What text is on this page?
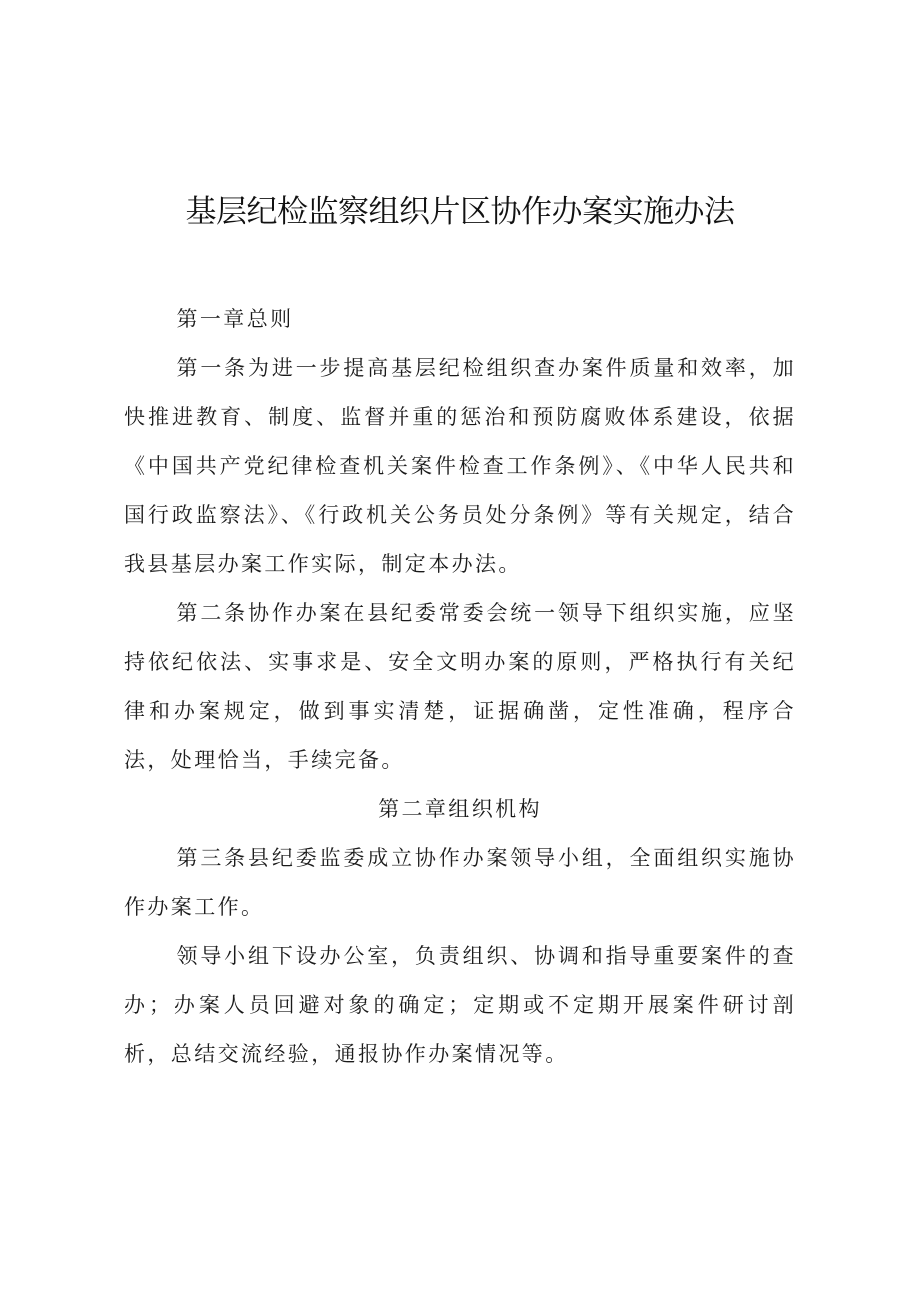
基层纪检监察组织片区协作办案实施办法

第一章总则

第一条为进一步提高基层纪检组织查办案件质量和效率，加快推进教育、制度、监督并重的惩治和预防腐败体系建设，依据《中国共产党纪律检查机关案件检查工作条例》、《中华人民共和国行政监察法》、《行政机关公务员处分条例》等有关规定，结合我县基层办案工作实际，制定本办法。

第二条协作办案在县纪委常委会统一领导下组织实施，应坚持依纪依法、实事求是、安全文明办案的原则，严格执行有关纪律和办案规定，做到事实清楚，证据确凿，定性准确，程序合法，处理恰当，手续完备。

第二章组织机构

第三条县纪委监委成立协作办案领导小组，全面组织实施协作办案工作。

领导小组下设办公室，负责组织、协调和指导重要案件的查办；办案人员回避对象的确定；定期或不定期开展案件研讨剖析，总结交流经验，通报协作办案情况等。
